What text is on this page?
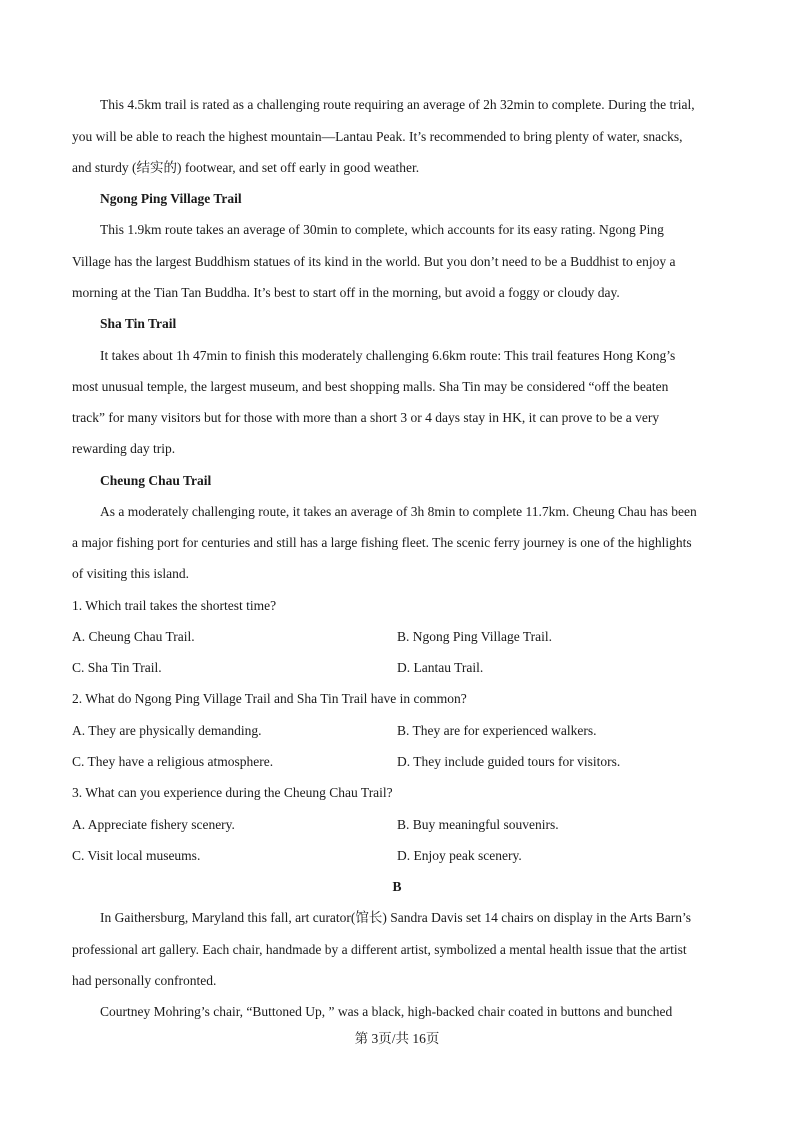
This 4.5km trail is rated as a challenging route requiring an average of 2h 32min to complete. During the trial,
you will be able to reach the highest mountain—Lantau Peak. It’s recommended to bring plenty of water, snacks,
and sturdy (结实的) footwear, and set off early in good weather.
Ngong Ping Village Trail
This 1.9km route takes an average of 30min to complete, which accounts for its easy rating. Ngong Ping
Village has the largest Buddhism statues of its kind in the world. But you don’t need to be a Buddhist to enjoy a
morning at the Tian Tan Buddha. It’s best to start off in the morning, but avoid a foggy or cloudy day.
Sha Tin Trail
It takes about 1h 47min to finish this moderately challenging 6.6km route: This trail features Hong Kong’s
most unusual temple, the largest museum, and best shopping malls. Sha Tin may be considered “off the beaten
track” for many visitors but for those with more than a short 3 or 4 days stay in HK, it can prove to be a very
rewarding day trip.
Cheung Chau Trail
As a moderately challenging route, it takes an average of 3h 8min to complete 11.7km. Cheung Chau has been
a major fishing port for centuries and still has a large fishing fleet. The scenic ferry journey is one of the highlights
of visiting this island.
1. Which trail takes the shortest time?
A. Cheung Chau Trail.	B. Ngong Ping Village Trail.
C. Sha Tin Trail.	D. Lantau Trail.
2. What do Ngong Ping Village Trail and Sha Tin Trail have in common?
A. They are physically demanding.	B. They are for experienced walkers.
C. They have a religious atmosphere.	D. They include guided tours for visitors.
3. What can you experience during the Cheung Chau Trail?
A. Appreciate fishery scenery.	B. Buy meaningful souvenirs.
C. Visit local museums.	D. Enjoy peak scenery.
B
In Gaithersburg, Maryland this fall, art curator(馆长) Sandra Davis set 14 chairs on display in the Arts Barn’s
professional art gallery. Each chair, handmade by a different artist, symbolized a mental health issue that the artist
had personally confronted.
Courtney Mohring’s chair, “Buttoned Up, ” was a black, high-backed chair coated in buttons and bunched
第 3页/共 16页
